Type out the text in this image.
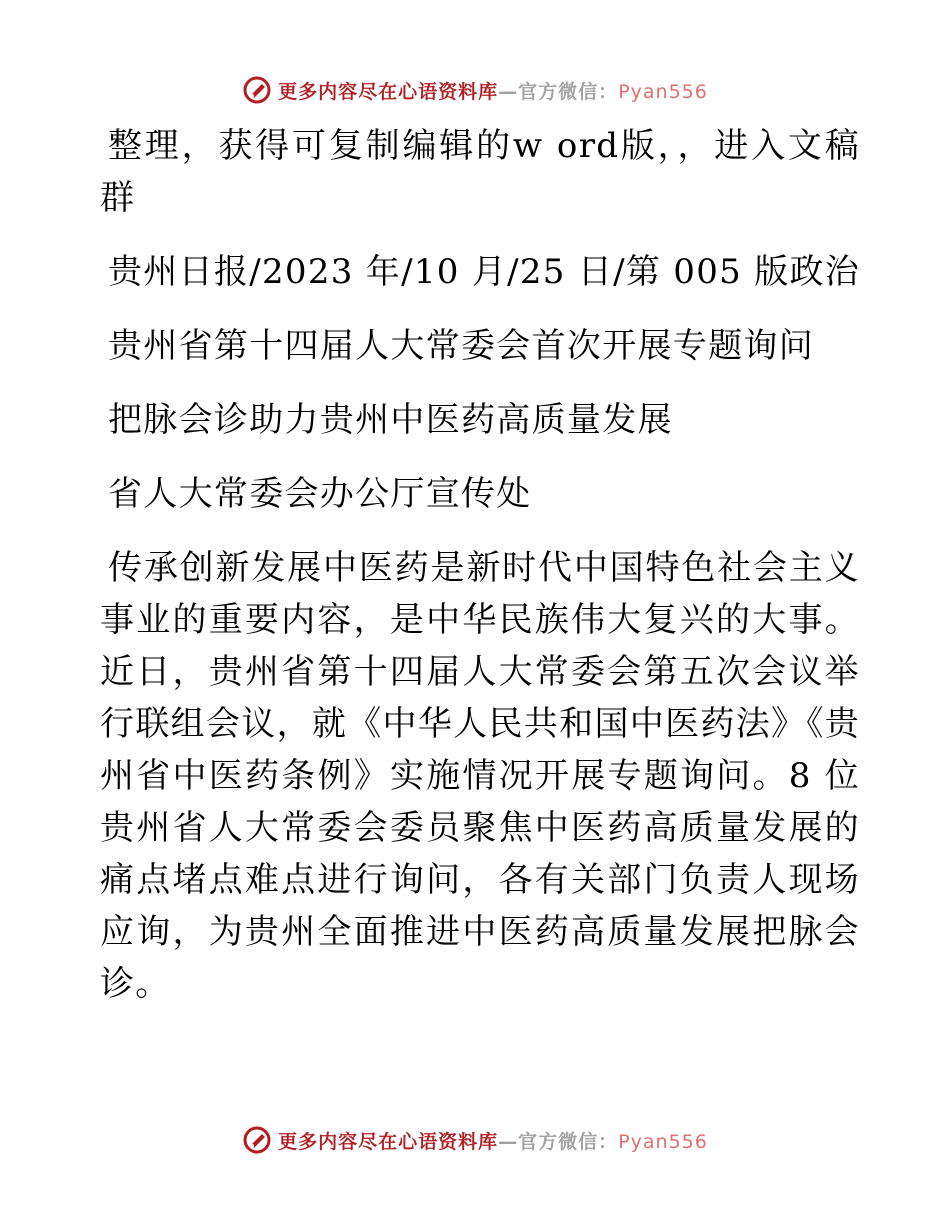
更多内容尽在心语资料库—官方微信：Pyan556

整理，获得可复制编辑的w ord版，，进入文稿群

贵州日报/2023 年/10 月/25 日/第 005 版政治
贵州省第十四届人大常委会首次开展专题询问
把脉会诊助力贵州中医药高质量发展
省人大常委会办公厅宣传处

传承创新发展中医药是新时代中国特色社会主义事业的重要内容，是中华民族伟大复兴的大事。近日，贵州省第十四届人大常委会第五次会议举行联组会议，就《中华人民共和国中医药法》《贵州省中医药条例》实施情况开展专题询问。8 位贵州省人大常委会委员聚焦中医药高质量发展的痛点堵点难点进行询问，各有关部门负责人现场应询，为贵州全面推进中医药高质量发展把脉会诊。

更多内容尽在心语资料库—官方微信：Pyan556
